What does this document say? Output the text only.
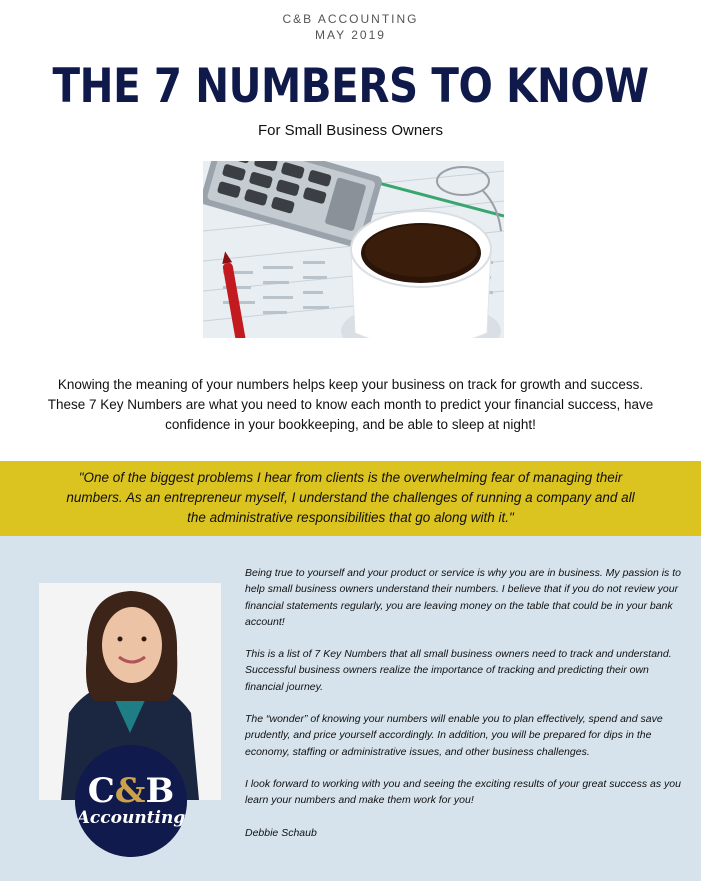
C&B ACCOUNTING
MAY 2019
THE 7 NUMBERS TO KNOW
For Small Business Owners

Knowing the meaning of your numbers helps keep your business on track for growth and success. These 7 Key Numbers are what you need to know each month to predict your financial success, have confidence in your bookkeeping, and be able to sleep at night!

"One of the biggest problems I hear from clients is the overwhelming fear of managing their numbers. As an entrepreneur myself, I understand the challenges of running a company and all the administrative responsibilities that go along with it."

C&B
Accounting

Being true to yourself and your product or service is why you are in business. My passion is to help small business owners understand their numbers. I believe that if you do not review your financial statements regularly, you are leaving money on the table that could be in your bank account!

This is a list of 7 Key Numbers that all small business owners need to track and understand. Successful business owners realize the importance of tracking and predicting their own financial journey.

The “wonder” of knowing your numbers will enable you to plan effectively, spend and save prudently, and price yourself accordingly. In addition, you will be prepared for dips in the economy, staffing or administrative issues, and other business challenges.

I look forward to working with you and seeing the exciting results of your great success as you learn your numbers and make them work for you!

Debbie Schaub
